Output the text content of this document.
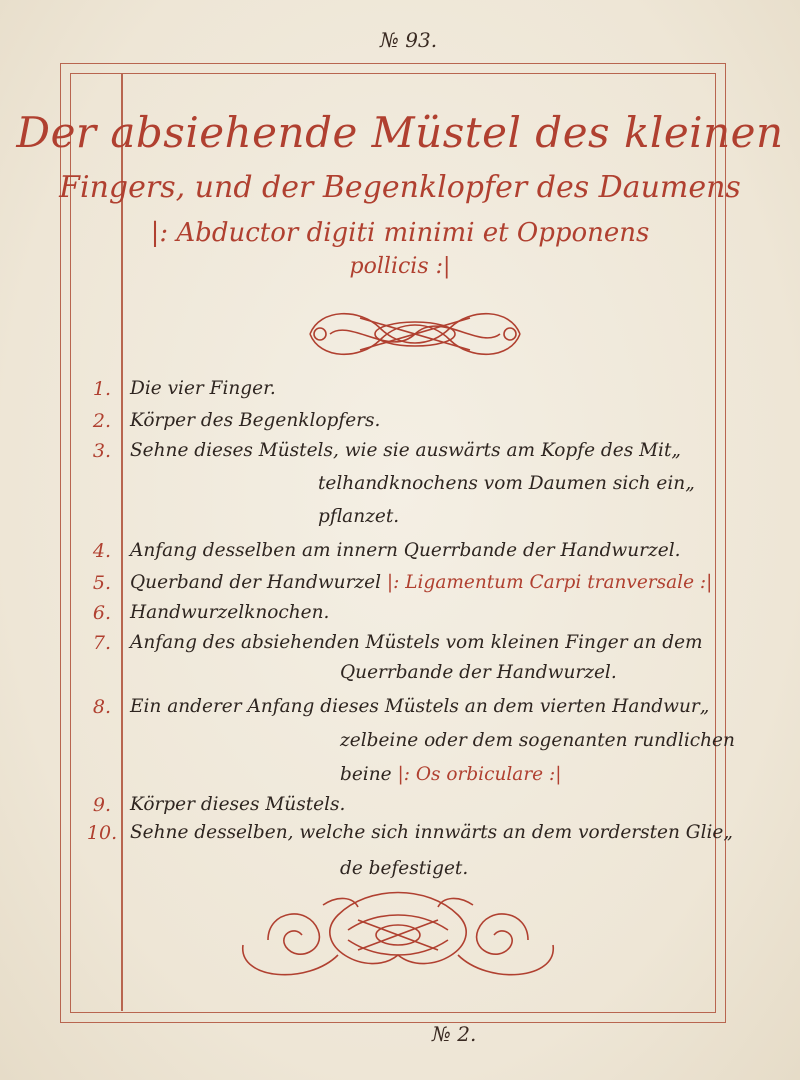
№ 93.
№ 2.
Der absiehende Müstel des kleinen
Fingers, und der Begenklopfer des Daumens
|: Abductor digiti minimi et Opponens
pollicis :|
1.	Die vier Finger.
2.	Körper des Begenklopfers.
3.	Sehne dieses Müstels, wie sie auswärts am Kopfe des Mit„
telhandknochens vom Daumen sich ein„
pflanzet.
4.	Anfang desselben am innern Querrbande der Handwurzel.
5.	Querband der Handwurzel |: Ligamentum Carpi tranversale :|
6.	Handwurzelknochen.
7.	Anfang des absiehenden Müstels vom kleinen Finger an dem
Querrbande der Handwurzel.
8.	Ein anderer Anfang dieses Müstels an dem vierten Handwur„
zelbeine oder dem sogenanten rundlichen
beine |: Os orbiculare :|
9.	Körper dieses Müstels.
10. Sehne desselben, welche sich innwärts an dem vordersten Glie„
de befestiget.
